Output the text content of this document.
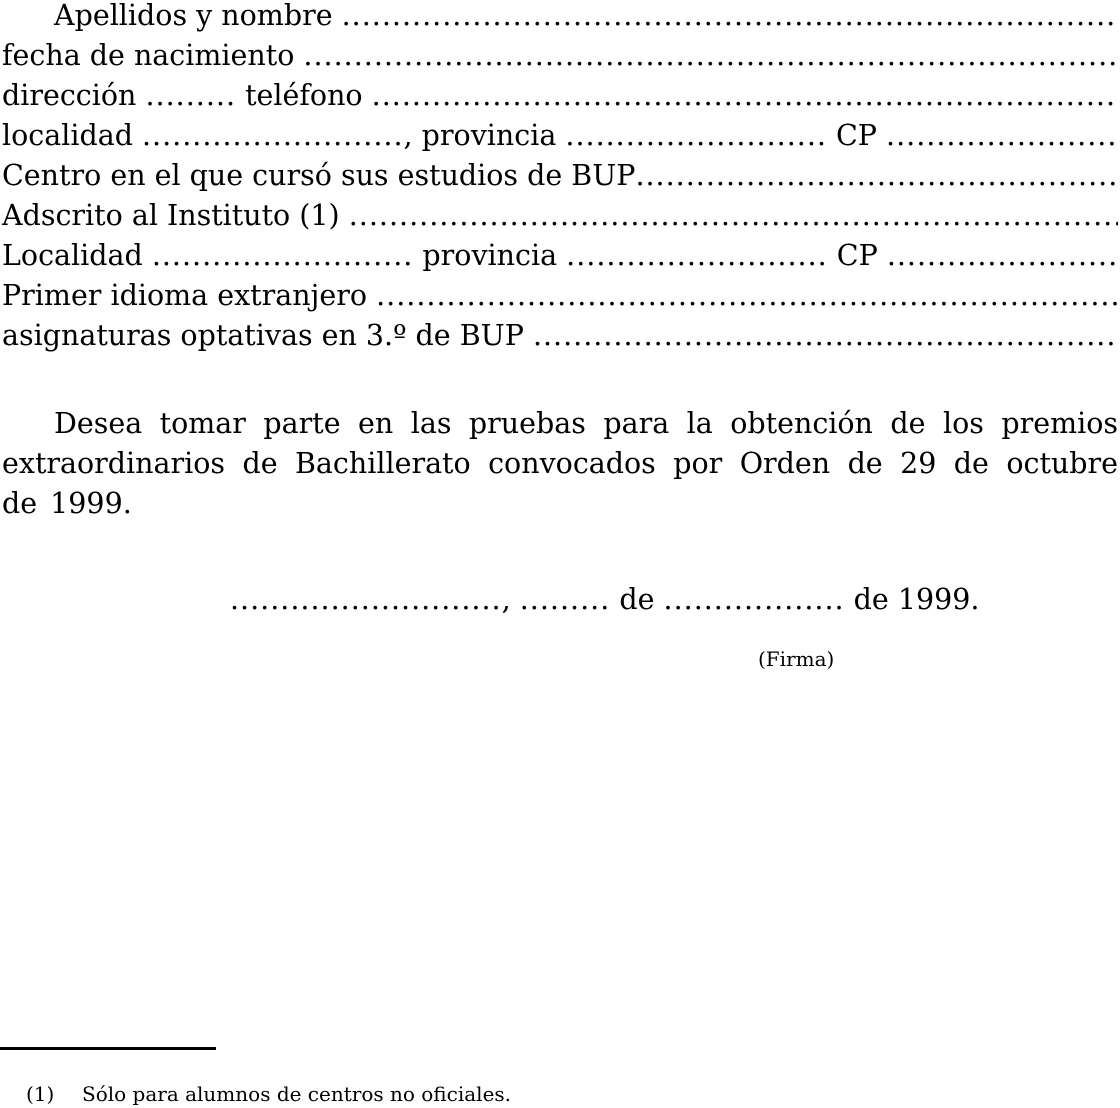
Apellidos y nombre
.....
fecha de nacimiento
.....
dirección ......... teléfono
.....
localidad .......................... , provincia .......................... CP
.....
Centro en el que cursó sus estudios de BUP
.....
Adscrito al Instituto (1)
.....
Localidad .......................... provincia .......................... CP
.....
Primer idioma extranjero
.....
asignaturas optativas en 3.º de BUP
.....

Desea tomar parte en las pruebas para la obtención de los premios extraordinarios de Bachillerato convocados por Orden de 29 de octubre de 1999.

..........................., ......... de .................. de 1999.
(Firma)
(1) Sólo para alumnos de centros no oficiales.
